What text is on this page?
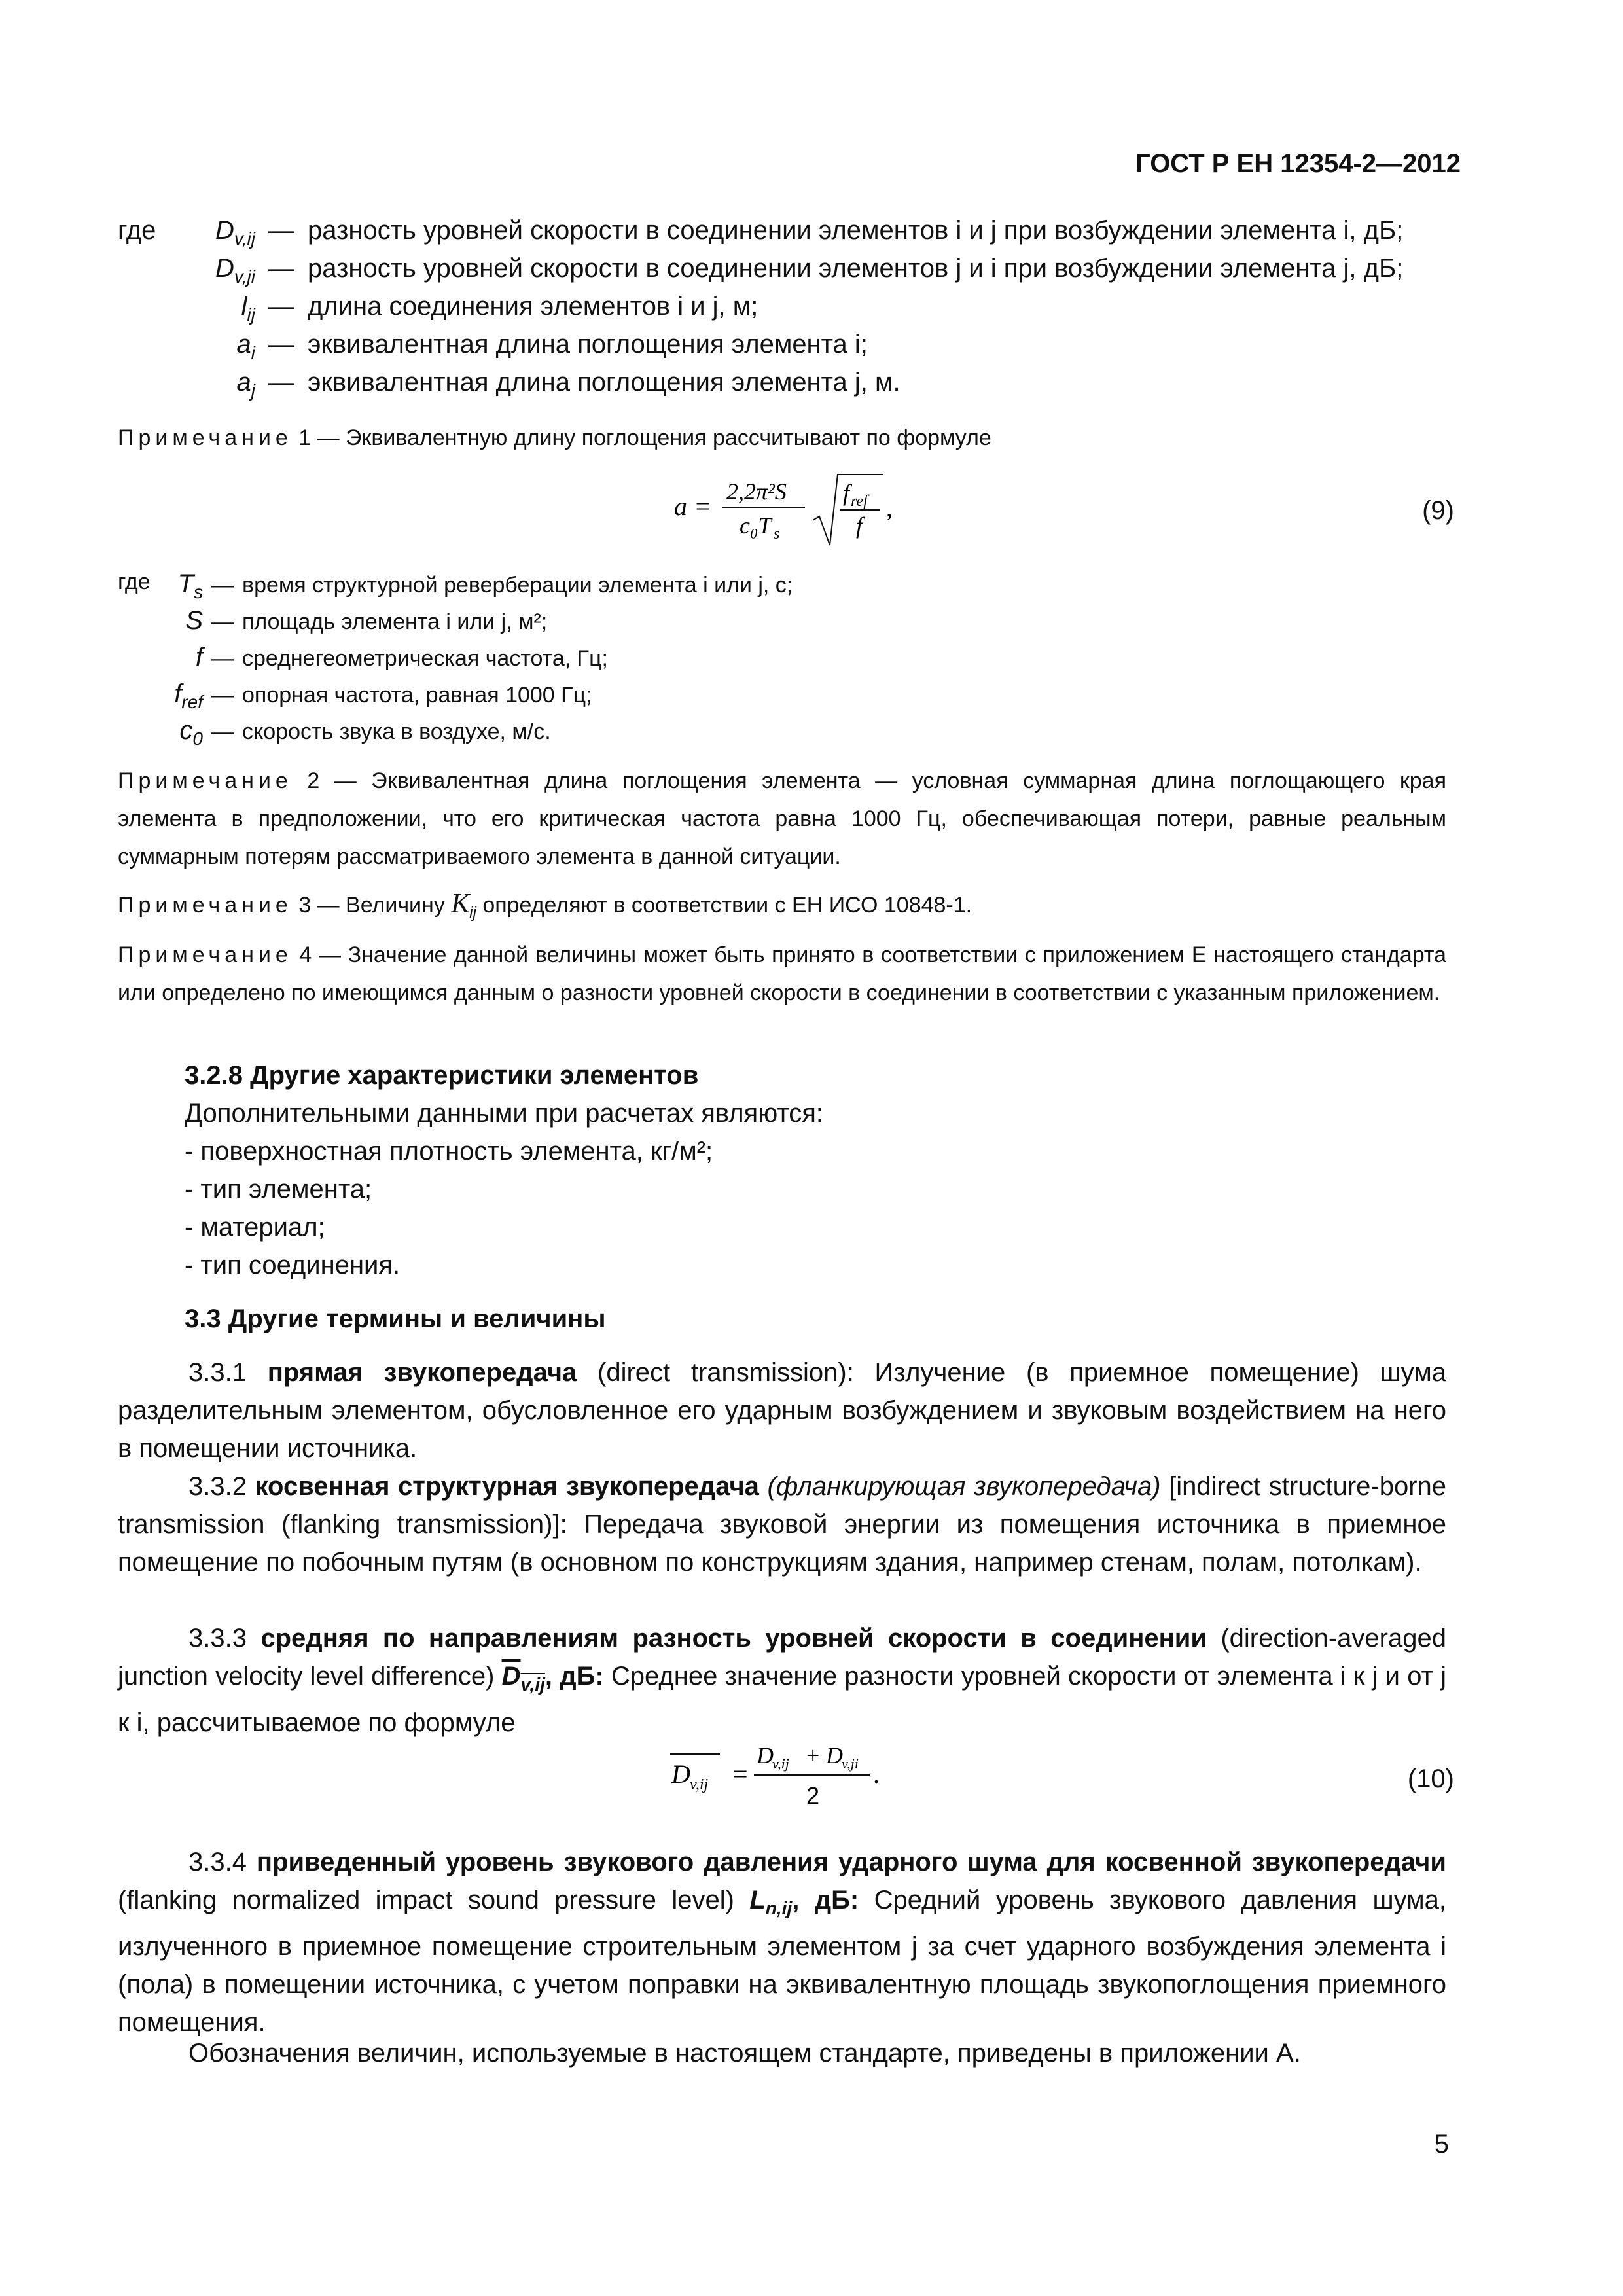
ГОСТ Р ЕН 12354-2—2012
где $D_{v,ij}$ — разность уровней скорости в соединении элементов i и j при возбуждении элемента i, дБ;
$D_{v,ji}$ — разность уровней скорости в соединении элементов j и i при возбуждении элемента j, дБ;
$l_{ij}$ — длина соединения элементов i и j, м;
$a_i$ — эквивалентная длина поглощения элемента i;
$a_j$ — эквивалентная длина поглощения элемента j, м.
Примечание 1 — Эквивалентную длину поглощения рассчитывают по формуле
a = 2,2π²S
c₀T s
f ref
f
,	(9)
где $T_s$ — время структурной реверберации элемента i или j, с;
S — площадь элемента i или j, м²;
f — среднегеометрическая частота, Гц;
$f_{ref}$ — опорная частота, равная 1000 Гц;
$c_0$ — скорость звука в воздухе, м/с.
Примечание 2 — Эквивалентная длина поглощения элемента — условная суммарная длина поглощающего края элемента в предположении, что его критическая частота равна 1000 Гц, обеспечивающая потери, равные реальным суммарным потерям рассматриваемого элемента в данной ситуации.
Примечание 3 — Величину $K_{ij}$ определяют в соответствии с ЕН ИСО 10848-1.
Примечание 4 — Значение данной величины может быть принято в соответствии с приложением Е настоящего стандарта или определено по имеющимся данным о разности уровней скорости в соединении в соответствии с указанным приложением.
3.2.8 Другие характеристики элементов
Дополнительными данными при расчетах являются:
- поверхностная плотность элемента, кг/м²;
- тип элемента;
- материал;
- тип соединения.
3.3 Другие термины и величины
3.3.1 прямая звукопередача (direct transmission): Излучение (в приемное помещение) шума разделительным элементом, обусловленное его ударным возбуждением и звуковым воздействием на него в помещении источника.
3.3.2 косвенная структурная звукопередача (фланкирующая звукопередача) [indirect structure-borne transmission (flanking transmission)]: Передача звуковой энергии из помещения источника в приемное помещение по побочным путям (в основном по конструкциям здания, например стенам, полам, потолкам).
3.3.3 средняя по направлениям разность уровней скорости в соединении (direction-averaged junction velocity level difference) $\overline{D}_{v,ij}$, дБ: Среднее значение разности уровней скорости от элемента i к j и от j к i, рассчитываемое по формуле
D v,ij =
D
v,ij + D
v,ji
2
.	(10)
3.3.4 приведенный уровень звукового давления ударного шума для косвенной звукопередачи (flanking normalized impact sound pressure level) $L_{n,ij}$, дБ: Средний уровень звукового давления шума, излученного в приемное помещение строительным элементом j за счет ударного возбуждения элемента i (пола) в помещении источника, с учетом поправки на эквивалентную площадь звукопоглощения приемного помещения.
Обозначения величин, используемые в настоящем стандарте, приведены в приложении А.
5
